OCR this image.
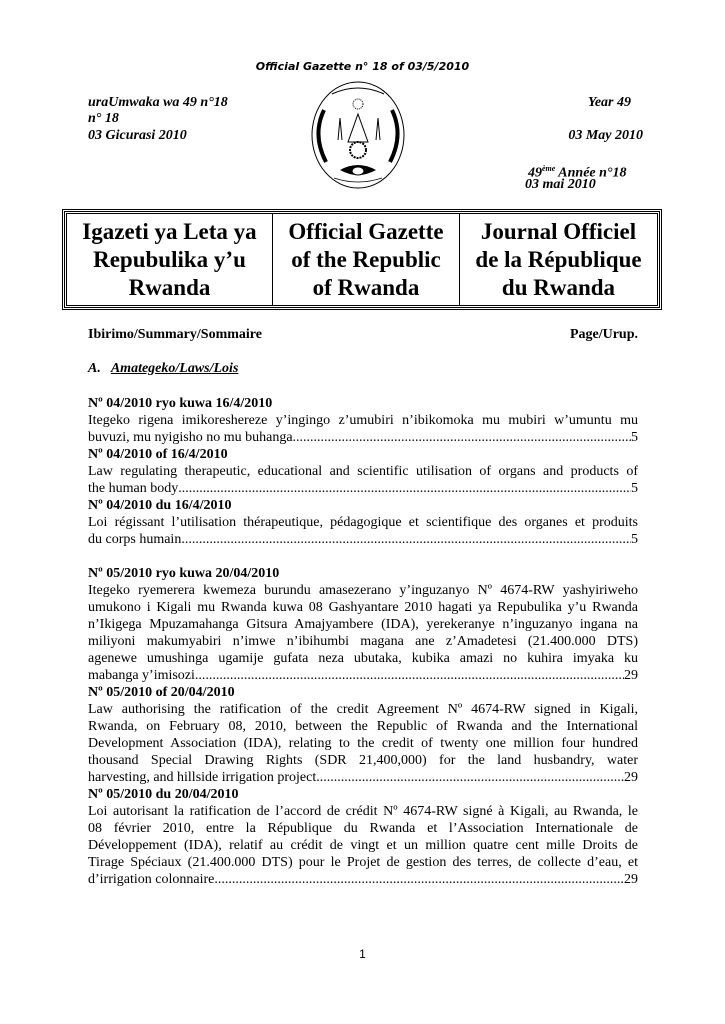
Official Gazette n° 18 of 03/5/2010
uraUmwaka wa 49 n°18
n° 18
03 Gicurasi 2010
Year 49
03 May 2010
49ème Année n°18
03 mai 2010
Igazeti ya Leta ya
Repubulika y’u
Rwanda
Official Gazette
of the Republic
of Rwanda
Journal Officiel
de la République
du Rwanda
Ibirimo/Summary/Sommaire	Page/Urup.
A. Amategeko/Laws/Lois
Nº 04/2010 ryo kuwa 16/4/2010
Itegeko rigena imikoreshereze y’ingingo z’umubiri n’ibikomoka mu mubiri w’umuntu mu
buvuzi, mu nyigisho no mu buhanga .....	5
Nº 04/2010 of 16/4/2010
Law regulating therapeutic, educational and scientific utilisation of organs and products of
the human body .....	5
Nº 04/2010 du 16/4/2010
Loi régissant l’utilisation thérapeutique, pédagogique et scientifique des organes et produits
du corps humain .....	5
Nº 05/2010 ryo kuwa 20/04/2010
Itegeko ryemerera kwemeza burundu amasezerano y’inguzanyo Nº 4674-RW yashyiriweho
umukono i Kigali mu Rwanda kuwa 08 Gashyantare 2010 hagati ya Repubulika y’u Rwanda
n’Ikigega Mpuzamahanga Gitsura Amajyambere (IDA), yerekeranye n’inguzanyo ingana na
miliyoni makumyabiri n’imwe n’ibihumbi magana ane z’Amadetesi (21.400.000 DTS)
agenewe umushinga ugamije gufata neza ubutaka, kubika amazi no kuhira imyaka ku
mabanga y’imisozi .....	29
Nº 05/2010 of 20/04/2010
Law authorising the ratification of the credit Agreement Nº 4674-RW signed in Kigali,
Rwanda, on February 08, 2010, between the Republic of Rwanda and the International
Development Association (IDA), relating to the credit of twenty one million four hundred
thousand Special Drawing Rights (SDR 21,400,000) for the land husbandry, water
harvesting, and hillside irrigation project .....	29
Nº 05/2010 du 20/04/2010
Loi autorisant la ratification de l’accord de crédit Nº 4674-RW signé à Kigali, au Rwanda, le
08 février 2010, entre la République du Rwanda et l’Association Internationale de
Développement (IDA), relatif au crédit de vingt et un million quatre cent mille Droits de
Tirage Spéciaux (21.400.000 DTS) pour le Projet de gestion des terres, de collecte d’eau, et
d’irrigation colonnaire .....	29
1
